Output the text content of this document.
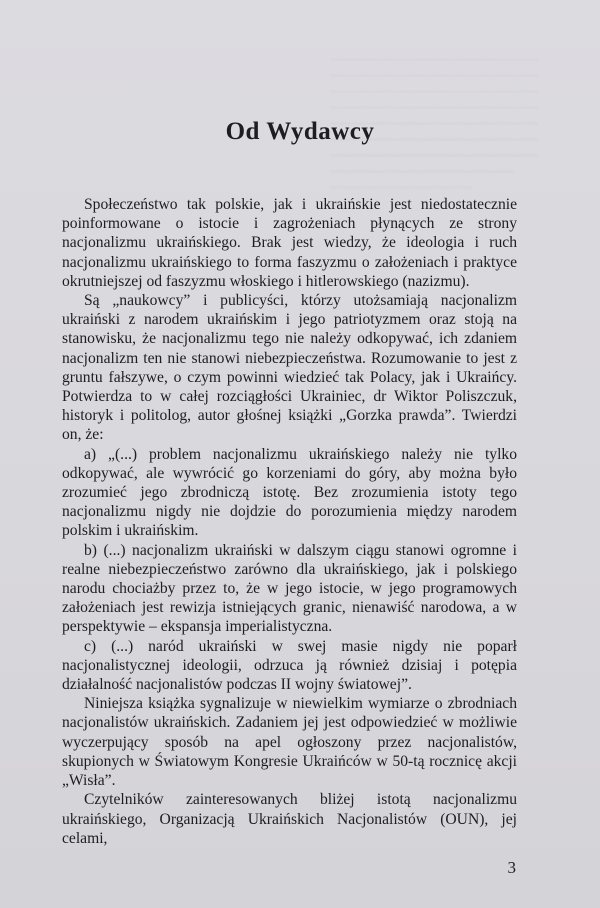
~~~~~~~~~~~~~~~~~~~~~~~~~~~~~~~~~~~
~~~~~~~~~~~~~~~~~~~~~~~~~~~~~~~~~~~
~~~~~~~~~~~~~~~~~~~~~~~~~~~~~~~~~~~
~~~~~~~~~~~~~~~~~~~~~~~~~~~~~~~~~~~
~~~~~~~~~~~~~~~~~~~~~~~~~~~~~~~~~~~
~~~~~~~~~~~~~~~~~~~~~~~~~~~~~~~~~~~
~~~~~~~~~~~~~~~~~~~~~~~~~~~~~~~~~~~
~~~~~~~~~~~~~~~~~~~~~~~~~~~~~~~
~~~~~~~~~~~~~~~~~~~~~~~~
Od Wydawcy

Społeczeństwo tak polskie, jak i ukraińskie jest niedostatecznie poinformowane o istocie i zagrożeniach płynących ze strony nacjonalizmu ukraińskiego. Brak jest wiedzy, że ideologia i ruch nacjonalizmu ukraińskiego to forma faszyzmu o założeniach i praktyce okrutniejszej od faszyzmu włoskiego i hitlerowskiego (nazizmu).

Są „naukowcy” i publicyści, którzy utożsamiają nacjonalizm ukraiński z narodem ukraińskim i jego patriotyzmem oraz stoją na stanowisku, że nacjonalizmu tego nie należy odkopywać, ich zdaniem nacjonalizm ten nie stanowi niebezpieczeństwa. Rozumowanie to jest z gruntu fałszywe, o czym powinni wiedzieć tak Polacy, jak i Ukraińcy. Potwierdza to w całej rozciągłości Ukrainiec, dr Wiktor Poliszczuk, historyk i politolog, autor głośnej książki „Gorzka prawda”. Twierdzi on, że:

a) „(...) problem nacjonalizmu ukraińskiego należy nie tylko odkopywać, ale wywrócić go korzeniami do góry, aby można było zrozumieć jego zbrodniczą istotę. Bez zrozumienia istoty tego nacjonalizmu nigdy nie dojdzie do porozumienia między narodem polskim i ukraińskim.

b) (...) nacjonalizm ukraiński w dalszym ciągu stanowi ogromne i realne niebezpieczeństwo zarówno dla ukraińskiego, jak i polskiego narodu chociażby przez to, że w jego istocie, w jego programowych założeniach jest rewizja istniejących granic, nienawiść narodowa, a w perspektywie – ekspansja imperialistyczna.

c) (...) naród ukraiński w swej masie nigdy nie poparł nacjonalistycznej ideologii, odrzuca ją również dzisiaj i potępia działalność nacjonalistów podczas II wojny światowej”.

Niniejsza książka sygnalizuje w niewielkim wymiarze o zbrodniach nacjonalistów ukraińskich. Zadaniem jej jest odpowiedzieć w możliwie wyczerpujący sposób na apel ogłoszony przez nacjonalistów, skupionych w Światowym Kongresie Ukraińców w 50-tą rocznicę akcji „Wisła”.

Czytelników zainteresowanych bliżej istotą nacjonalizmu ukraińskiego, Organizacją Ukraińskich Nacjonalistów (OUN), jej celami,

3
